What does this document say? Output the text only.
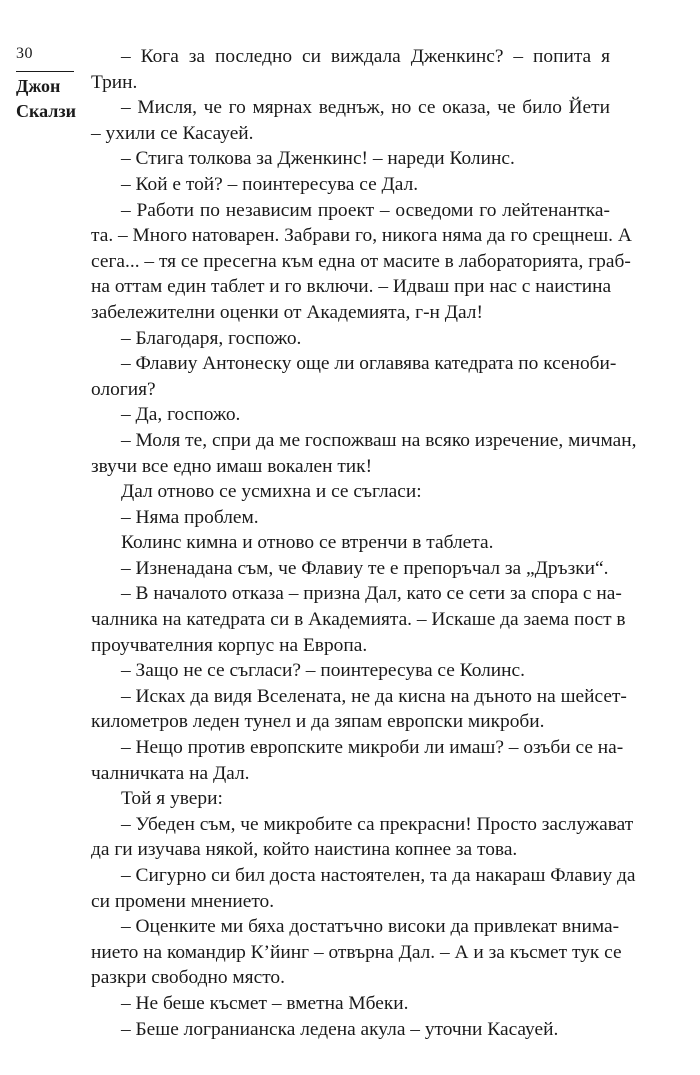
30
Джон
Скалзи
– Кога за последно си виждала Дженкинс? – попита я
Трин.
– Мисля, че го мярнах веднъж, но се оказа, че било Йети
– ухили се Касауей.
– Стига толкова за Дженкинс! – нареди Колинс.
– Кой е той? – поинтересува се Дал.
– Работи по независим проект – осведоми го лейтенантка-
та. – Много натоварен. Забрави го, никога няма да го срещнеш. А
сега... – тя се пресегна към една от масите в лабораторията, граб-
на оттам един таблет и го включи. – Идваш при нас с наистина
забележителни оценки от Академията, г-н Дал!
– Благодаря, госпожо.
– Флавиу Антонеску още ли оглавява катедрата по ксеноби-
ология?
– Да, госпожо.
– Моля те, спри да ме госпожваш на всяко изречение, мичман,
звучи все едно имаш вокален тик!
Дал отново се усмихна и се съгласи:
– Няма проблем.
Колинс кимна и отново се втренчи в таблета.
– Изненадана съм, че Флавиу те е препоръчал за „Дръзки“.
– В началото отказа – призна Дал, като се сети за спора с на-
чалника на катедрата си в Академията. – Искаше да заема пост в
проучвателния корпус на Европа.
– Защо не се съгласи? – поинтересува се Колинс.
– Исках да видя Вселената, не да кисна на дъното на шейсет-
километров леден тунел и да зяпам европски микроби.
– Нещо против европските микроби ли имаш? – озъби се на-
чалничката на Дал.
Той я увери:
– Убеден съм, че микробите са прекрасни! Просто заслужават
да ги изучава някой, който наистина копнее за това.
– Сигурно си бил доста настоятелен, та да накараш Флавиу да
си промени мнението.
– Оценките ми бяха достатъчно високи да привлекат внима-
нието на командир К’йинг – отвърна Дал. – А и за късмет тук се
разкри свободно място.
– Не беше късмет – вметна Мбеки.
– Беше логранианска ледена акула – уточни Касауей.
